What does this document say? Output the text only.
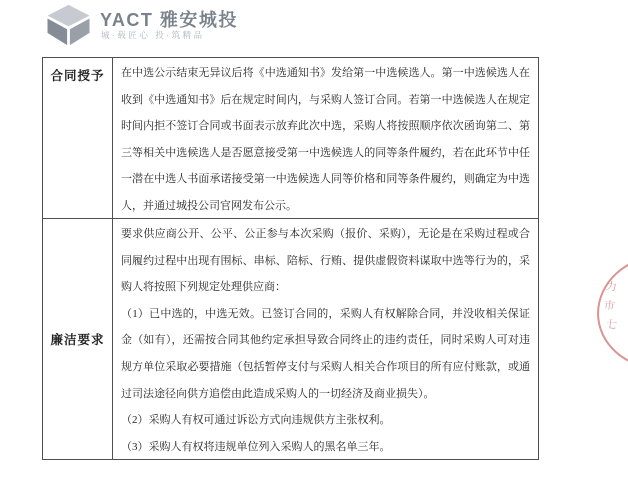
YACT 雅安城投
城·载匠心 投·筑精品
合同授予	在中选公示结束无异议后将《中选通知书》发给第一中选候选人。第一中选候选人在收到《中选通知书》后在规定时间内，与采购人签订合同。若第一中选候选人在规定时间内拒不签订合同或书面表示放弃此次中选，采购人将按照顺序依次函询第二、第三等相关中选候选人是否愿意接受第一中选候选人的同等条件履约，若在此环节中任一潜在中选人书面承诺接受第一中选候选人同等价格和同等条件履约，则确定为中选人，并通过城投公司官网发布公示。

廉洁要求

要求供应商公开、公平、公正参与本次采购（报价、采购），无论是在采购过程或合同履约过程中出现有围标、串标、陪标、行贿、提供虚假资料谋取中选等行为的，采购人将按照下列规定处理供应商：

（1）已中选的，中选无效。已签订合同的，采购人有权解除合同，并没收相关保证金（如有），还需按合同其他约定承担导致合同终止的违约责任，同时采购人可对违规方单位采取必要措施（包括暂停支付与采购人相关合作项目的所有应付账款，或通过司法途径向供方追偿由此造成采购人的一切经济及商业损失）。

（2）采购人有权可通过诉讼方式向违规供方主张权利。

（3）采购人有权将违规单位列入采购人的黑名单三年。

力
市
七
